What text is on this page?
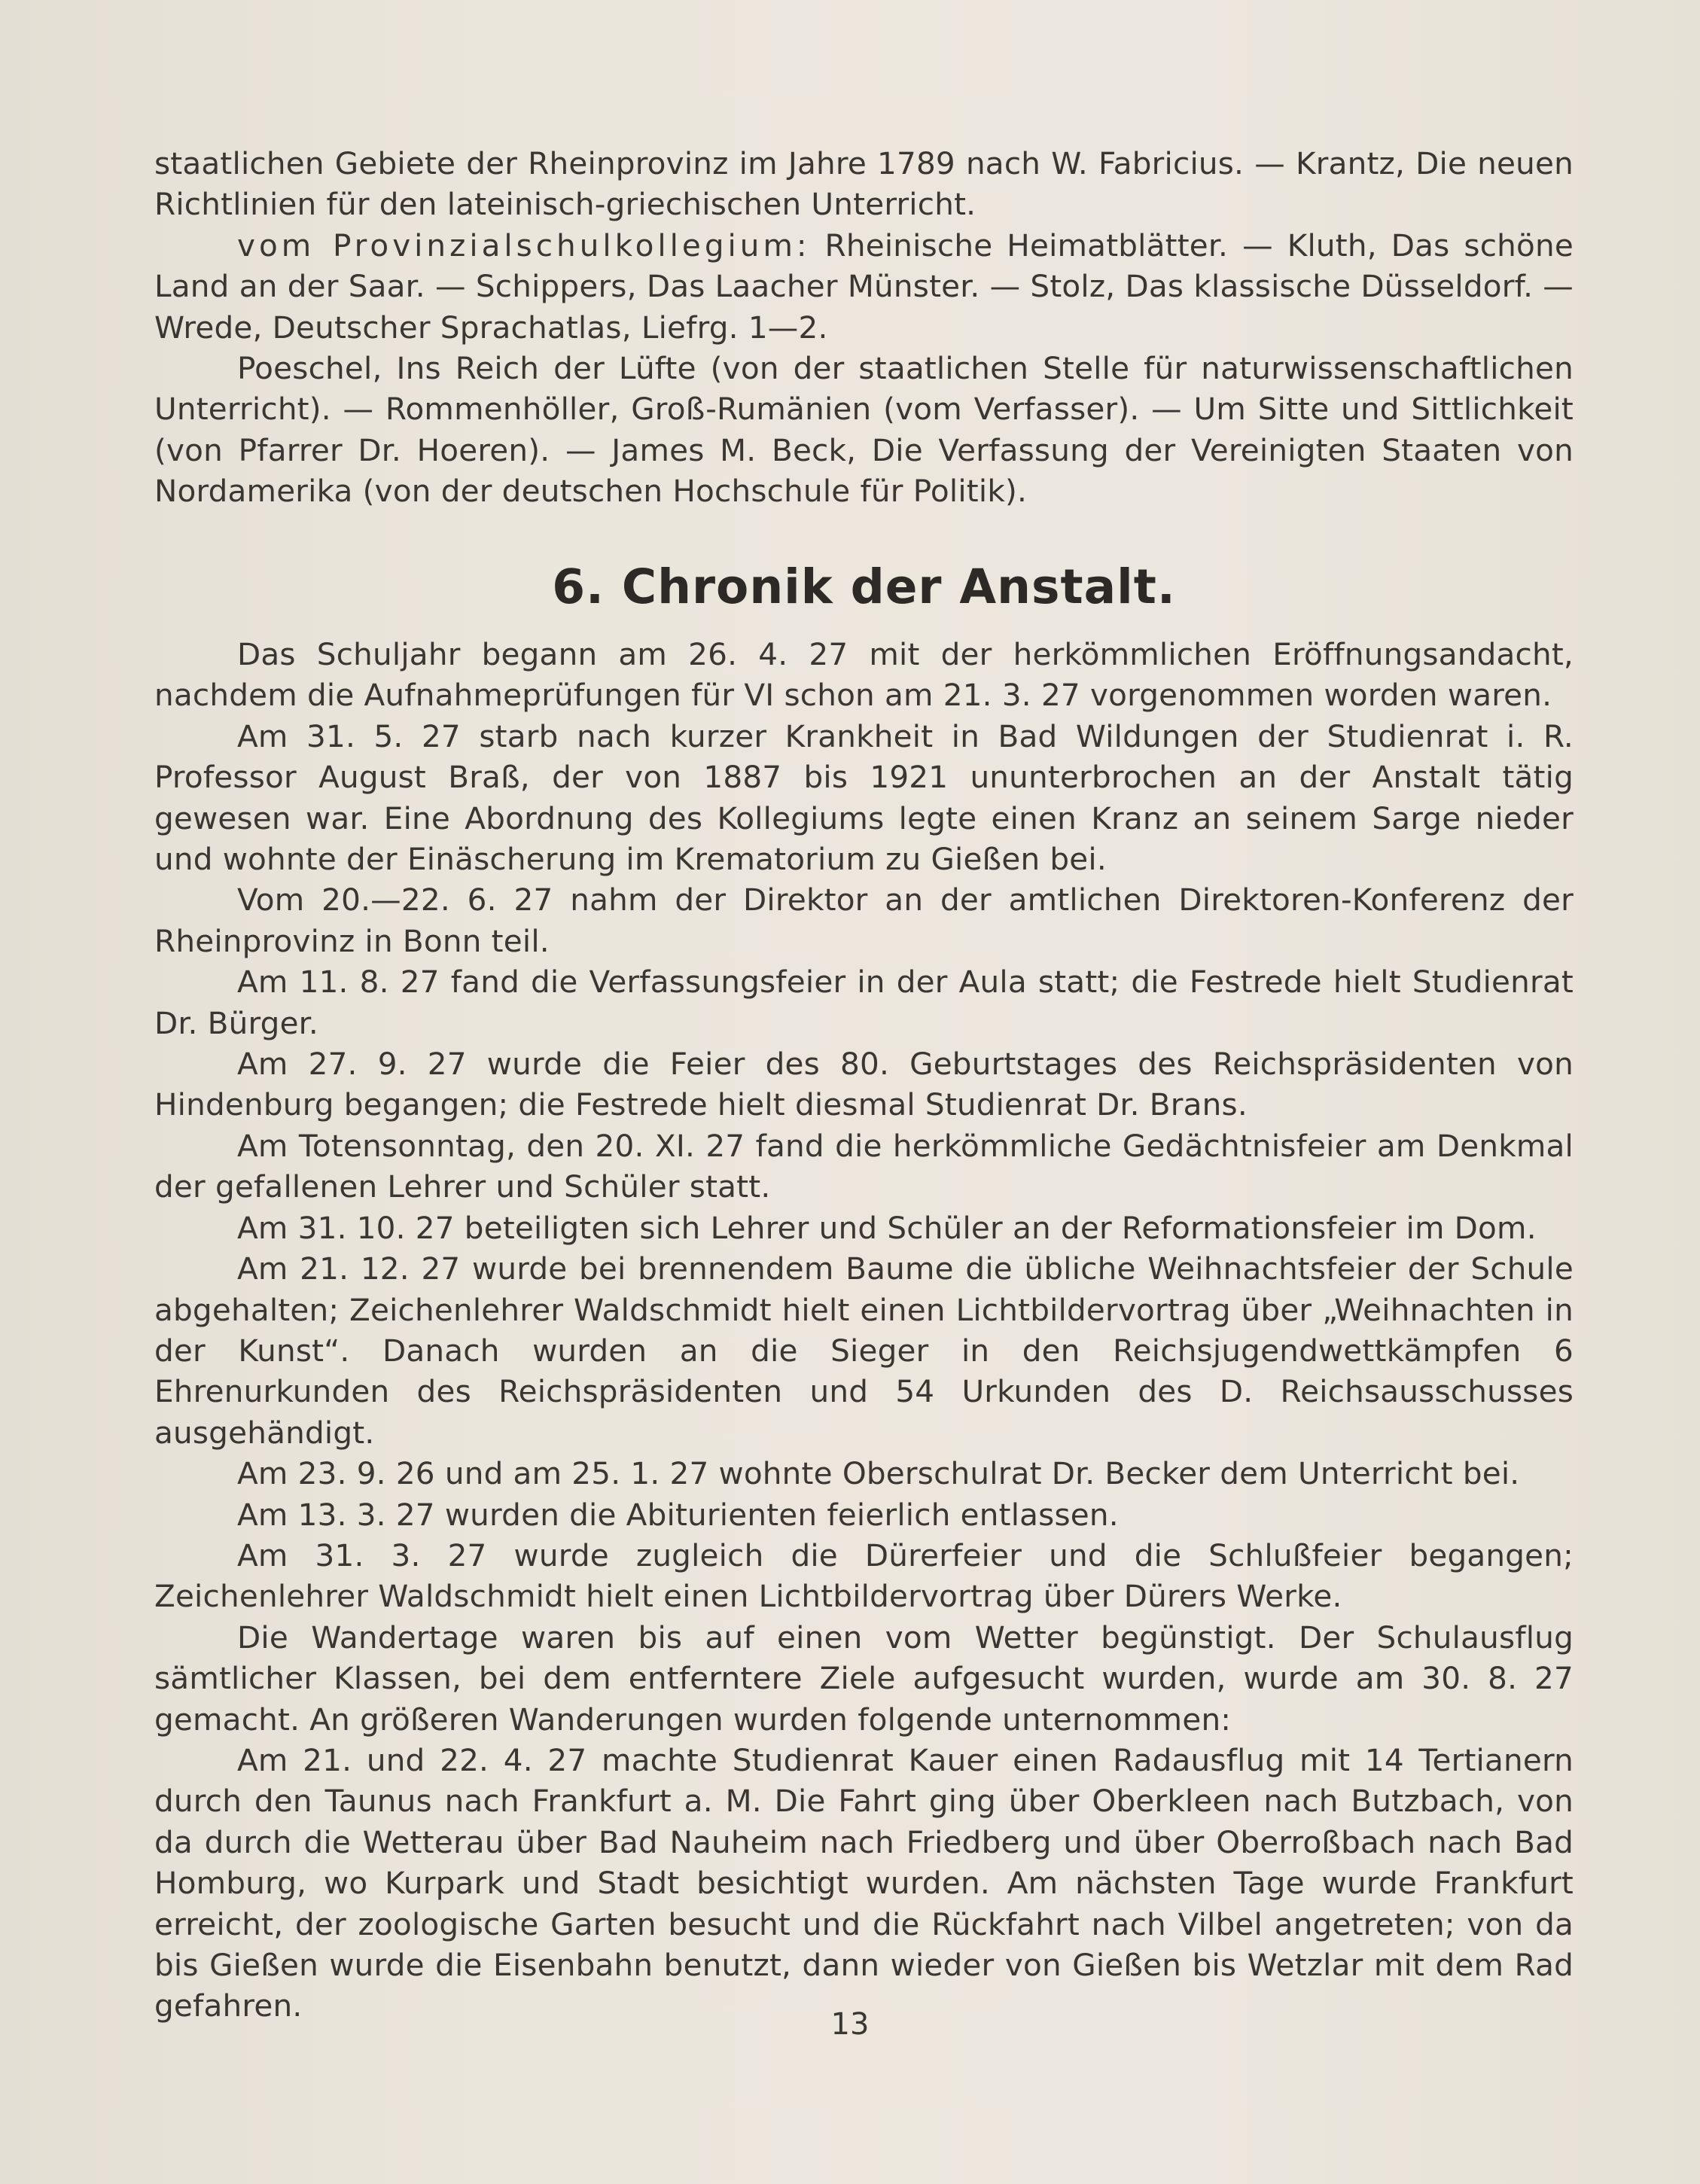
staatlichen Gebiete der Rheinprovinz im Jahre 1789 nach W. Fabricius. — Krantz, Die neuen Richtlinien für den lateinisch-griechischen Unterricht.

vom Provinzialschulkollegium: Rheinische Heimatblätter. — Kluth, Das schöne Land an der Saar. — Schippers, Das Laacher Münster. — Stolz, Das klassische Düsseldorf. — Wrede, Deutscher Sprachatlas, Liefrg. 1—2.

Poeschel, Ins Reich der Lüfte (von der staatlichen Stelle für naturwissenschaftlichen Unterricht). — Rommenhöller, Groß-Rumänien (vom Verfasser). — Um Sitte und Sittlichkeit (von Pfarrer Dr. Hoeren). — James M. Beck, Die Verfassung der Vereinigten Staaten von Nordamerika (von der deutschen Hochschule für Politik).

6. Chronik der Anstalt.

Das Schuljahr begann am 26. 4. 27 mit der herkömmlichen Eröffnungsandacht, nachdem die Aufnahmeprüfungen für VI schon am 21. 3. 27 vorgenommen worden waren.

Am 31. 5. 27 starb nach kurzer Krankheit in Bad Wildungen der Studienrat i. R. Professor August Braß, der von 1887 bis 1921 ununterbrochen an der Anstalt tätig gewesen war. Eine Abordnung des Kollegiums legte einen Kranz an seinem Sarge nieder und wohnte der Einäscherung im Krematorium zu Gießen bei.

Vom 20.—22. 6. 27 nahm der Direktor an der amtlichen Direktoren-Konferenz der Rheinprovinz in Bonn teil.

Am 11. 8. 27 fand die Verfassungsfeier in der Aula statt; die Festrede hielt Studienrat Dr. Bürger.

Am 27. 9. 27 wurde die Feier des 80. Geburtstages des Reichspräsidenten von Hindenburg begangen; die Festrede hielt diesmal Studienrat Dr. Brans.

Am Totensonntag, den 20. XI. 27 fand die herkömmliche Gedächtnisfeier am Denkmal der gefallenen Lehrer und Schüler statt.

Am 31. 10. 27 beteiligten sich Lehrer und Schüler an der Reformationsfeier im Dom.

Am 21. 12. 27 wurde bei brennendem Baume die übliche Weihnachtsfeier der Schule abgehalten; Zeichenlehrer Waldschmidt hielt einen Lichtbildervortrag über „Weihnachten in der Kunst“. Danach wurden an die Sieger in den Reichsjugendwettkämpfen 6 Ehrenurkunden des Reichspräsidenten und 54 Urkunden des D. Reichsausschusses ausgehändigt.

Am 23. 9. 26 und am 25. 1. 27 wohnte Oberschulrat Dr. Becker dem Unterricht bei.

Am 13. 3. 27 wurden die Abiturienten feierlich entlassen.

Am 31. 3. 27 wurde zugleich die Dürerfeier und die Schlußfeier begangen; Zeichenlehrer Waldschmidt hielt einen Lichtbildervortrag über Dürers Werke.

Die Wandertage waren bis auf einen vom Wetter begünstigt. Der Schulausflug sämtlicher Klassen, bei dem entferntere Ziele aufgesucht wurden, wurde am 30. 8. 27 gemacht. An größeren Wanderungen wurden folgende unternommen:

Am 21. und 22. 4. 27 machte Studienrat Kauer einen Radausflug mit 14 Tertianern durch den Taunus nach Frankfurt a. M. Die Fahrt ging über Oberkleen nach Butzbach, von da durch die Wetterau über Bad Nauheim nach Friedberg und über Oberroßbach nach Bad Homburg, wo Kurpark und Stadt besichtigt wurden. Am nächsten Tage wurde Frankfurt erreicht, der zoologische Garten besucht und die Rückfahrt nach Vilbel angetreten; von da bis Gießen wurde die Eisenbahn benutzt, dann wieder von Gießen bis Wetzlar mit dem Rad gefahren.

13
